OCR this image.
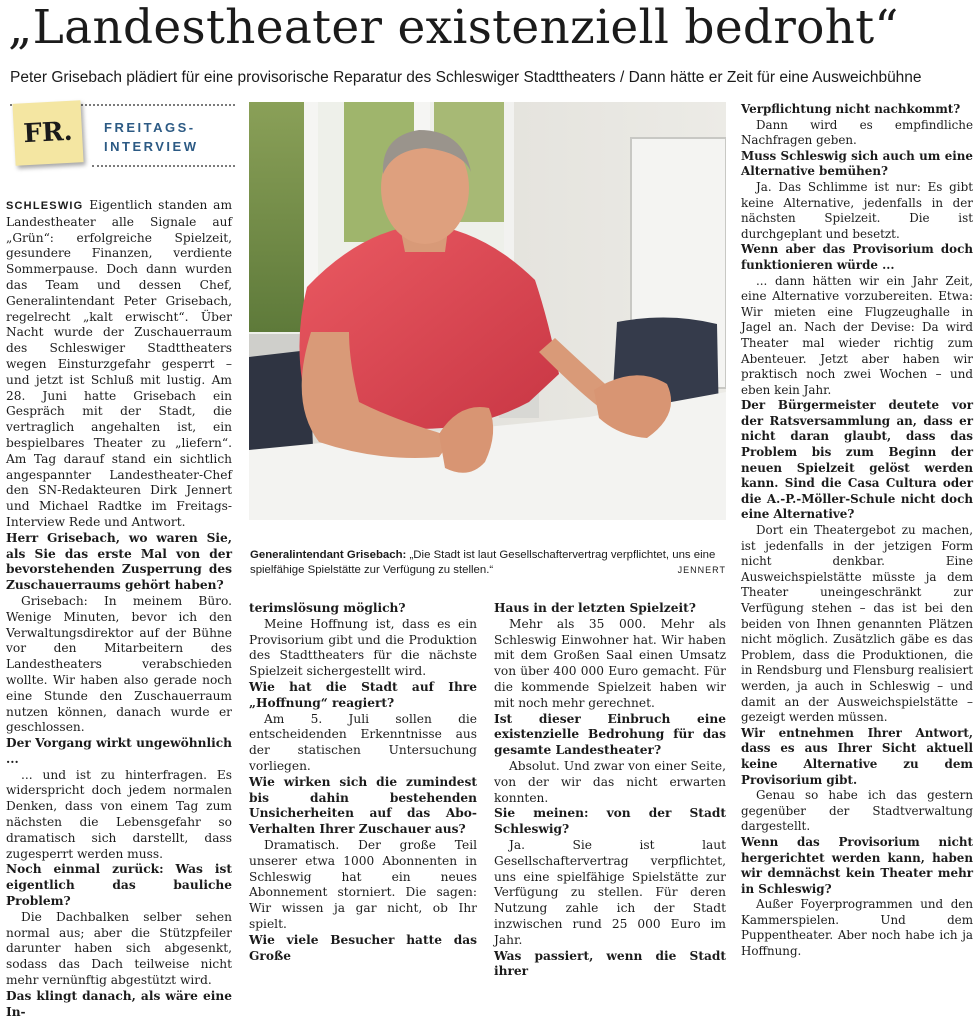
„Landestheater existenziell bedroht“

Peter Grisebach plädiert für eine provisorische Reparatur des Schleswiger Stadttheaters / Dann hätte er Zeit für eine Ausweichbühne

FR.	FREITAGS-
INTERVIEW

Generalintendant Grisebach: „Die Stadt ist laut Gesellschaftervertrag verpflichtet, uns eine spielfähige Spielstätte zur Verfügung zu stellen.“	JENNERT

SCHLESWIG Eigentlich standen am Landestheater alle Signale auf „Grün“: erfolgreiche Spielzeit, gesundere Finanzen, verdiente Sommerpause. Doch dann wurden das Team und dessen Chef, Generalintendant Peter Grisebach, regelrecht „kalt erwischt“. Über Nacht wurde der Zuschauerraum des Schleswiger Stadttheaters wegen Einsturzgefahr gesperrt – und jetzt ist Schluß mit lustig. Am 28. Juni hatte Grisebach ein Gespräch mit der Stadt, die vertraglich angehalten ist, ein bespielbares Theater zu „liefern“. Am Tag darauf stand ein sichtlich angespannter Landestheater-Chef den SN-Redakteuren Dirk Jennert und Michael Radtke im Freitags-Interview Rede und Antwort.

Herr Grisebach, wo waren Sie, als Sie das erste Mal von der bevorstehenden Zusperrung des Zuschauerraums gehört haben?

Grisebach: In meinem Büro. Wenige Minuten, bevor ich den Verwaltungsdirektor auf der Bühne vor den Mitarbeitern des Landestheaters verabschieden wollte. Wir haben also gerade noch eine Stunde den Zuschauerraum nutzen können, danach wurde er geschlossen.

Der Vorgang wirkt ungewöhnlich ...

... und ist zu hinterfragen. Es widerspricht doch jedem normalen Denken, dass von einem Tag zum nächsten die Lebensgefahr so dramatisch sich darstellt, dass zugesperrt werden muss.

Noch einmal zurück: Was ist eigentlich das bauliche Problem?

Die Dachbalken selber sehen normal aus; aber die Stützpfeiler darunter haben sich abgesenkt, sodass das Dach teilweise nicht mehr vernünftig abgestützt wird.

Das klingt danach, als wäre eine In-

terimslösung möglich?

Meine Hoffnung ist, dass es ein Provisorium gibt und die Produktion des Stadttheaters für die nächste Spielzeit sichergestellt wird.

Wie hat die Stadt auf Ihre „Hoffnung“ reagiert?

Am 5. Juli sollen die entscheidenden Erkenntnisse aus der statischen Untersuchung vorliegen.

Wie wirken sich die zumindest bis dahin bestehenden Unsicherheiten auf das Abo-Verhalten Ihrer Zuschauer aus?

Dramatisch. Der große Teil unserer etwa 1000 Abonnenten in Schleswig hat ein neues Abonnement storniert. Die sagen: Wir wissen ja gar nicht, ob Ihr spielt.

Wie viele Besucher hatte das Große

Haus in der letzten Spielzeit?

Mehr als 35 000. Mehr als Schleswig Einwohner hat. Wir haben mit dem Großen Saal einen Umsatz von über 400 000 Euro gemacht. Für die kommende Spielzeit haben wir mit noch mehr gerechnet.

Ist dieser Einbruch eine existenzielle Bedrohung für das gesamte Landestheater?

Absolut. Und zwar von einer Seite, von der wir das nicht erwarten konnten.

Sie meinen: von der Stadt Schleswig?

Ja. Sie ist laut Gesellschaftervertrag verpflichtet, uns eine spielfähige Spielstätte zur Verfügung zu stellen. Für deren Nutzung zahle ich der Stadt inzwischen rund 25 000 Euro im Jahr.

Was passiert, wenn die Stadt ihrer

Verpflichtung nicht nachkommt?

Dann wird es empfindliche Nachfragen geben.

Muss Schleswig sich auch um eine Alternative bemühen?

Ja. Das Schlimme ist nur: Es gibt keine Alternative, jedenfalls in der nächsten Spielzeit. Die ist durchgeplant und besetzt.

Wenn aber das Provisorium doch funktionieren würde ...

... dann hätten wir ein Jahr Zeit, eine Alternative vorzubereiten. Etwa: Wir mieten eine Flugzeughalle in Jagel an. Nach der Devise: Da wird Theater mal wieder richtig zum Abenteuer. Jetzt aber haben wir praktisch noch zwei Wochen – und eben kein Jahr.

Der Bürgermeister deutete vor der Ratsversammlung an, dass er nicht daran glaubt, dass das Problem bis zum Beginn der neuen Spielzeit gelöst werden kann. Sind die Casa Cultura oder die A.-P.-Möller-Schule nicht doch eine Alternative?

Dort ein Theatergebot zu machen, ist jedenfalls in der jetzigen Form nicht denkbar. Eine Ausweichspielstätte müsste ja dem Theater uneingeschränkt zur Verfügung stehen – das ist bei den beiden von Ihnen genannten Plätzen nicht möglich. Zusätzlich gäbe es das Problem, dass die Produktionen, die in Rendsburg und Flensburg realisiert werden, ja auch in Schleswig – und damit an der Ausweichspielstätte – gezeigt werden müssen.

Wir entnehmen Ihrer Antwort, dass es aus Ihrer Sicht aktuell keine Alternative zu dem Provisorium gibt.

Genau so habe ich das gestern gegenüber der Stadtverwaltung dargestellt.

Wenn das Provisorium nicht hergerichtet werden kann, haben wir demnächst kein Theater mehr in Schleswig?

Außer Foyerprogrammen und den Kammerspielen. Und dem Puppentheater. Aber noch habe ich ja Hoffnung.
